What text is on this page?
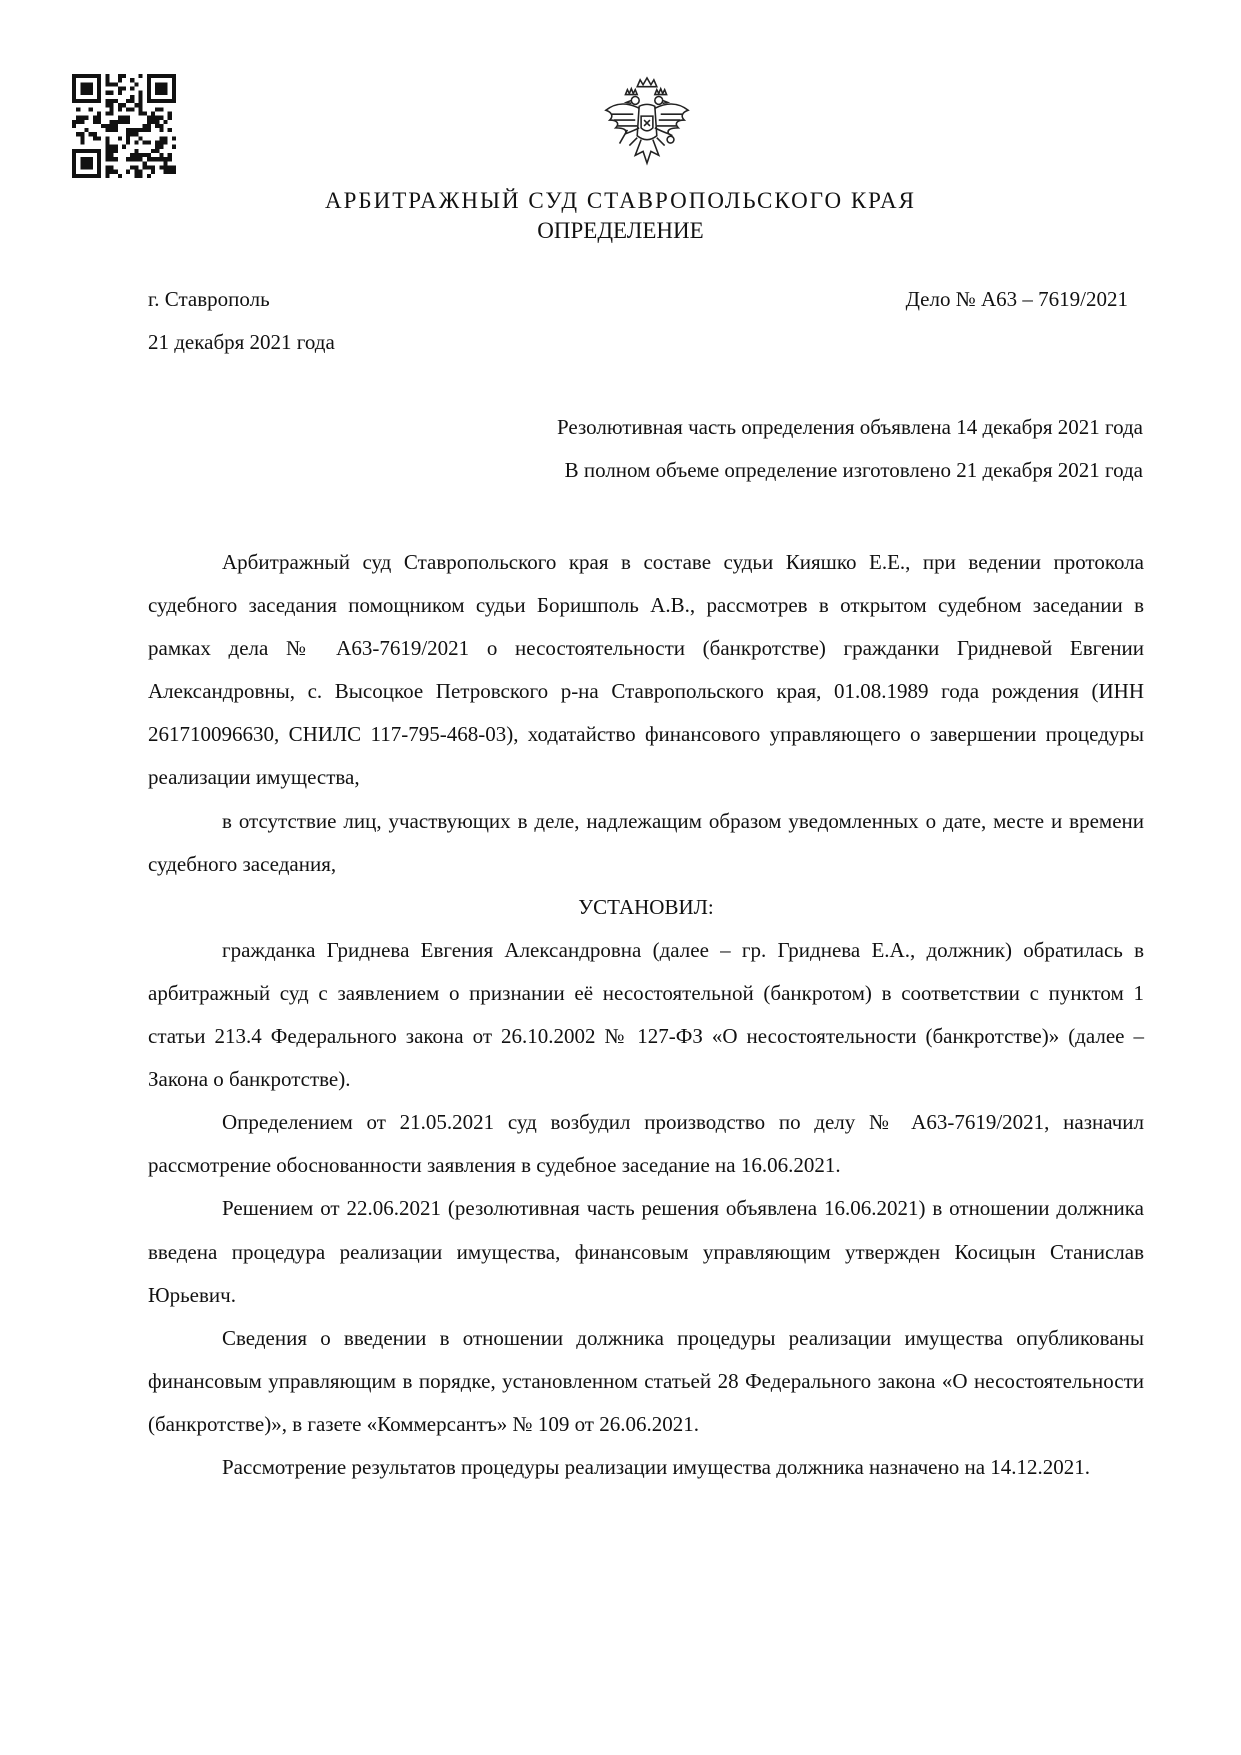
АРБИТРАЖНЫЙ СУД СТАВРОПОЛЬСКОГО КРАЯ
ОПРЕДЕЛЕНИЕ
г. Ставрополь	Дело № А63 – 7619/2021
21 декабря 2021 года
Резолютивная часть определения объявлена 14 декабря 2021 года
В полном объеме определение изготовлено 21 декабря 2021 года

Арбитражный суд Ставропольского края в составе судьи Кияшко Е.Е., при ведении протокола судебного заседания помощником судьи Боришполь А.В., рассмотрев в открытом судебном заседании в рамках дела № А63-7619/2021 о несостоятельности (банкротстве) гражданки Гридневой Евгении Александровны, с. Высоцкое Петровского р-на Ставропольского края, 01.08.1989 года рождения (ИНН 261710096630, СНИЛС 117-795-468-03), ходатайство финансового управляющего о завершении процедуры реализации имущества,

в отсутствие лиц, участвующих в деле, надлежащим образом уведомленных о дате, месте и времени судебного заседания,

УСТАНОВИЛ:

гражданка Гриднева Евгения Александровна (далее – гр. Гриднева Е.А., должник) обратилась в арбитражный суд с заявлением о признании её несостоятельной (банкротом) в соответствии с пунктом 1 статьи 213.4 Федерального закона от 26.10.2002 № 127-ФЗ «О несостоятельности (банкротстве)» (далее – Закона о банкротстве).

Определением от 21.05.2021 суд возбудил производство по делу № А63-7619/2021, назначил рассмотрение обоснованности заявления в судебное заседание на 16.06.2021.

Решением от 22.06.2021 (резолютивная часть решения объявлена 16.06.2021) в отношении должника введена процедура реализации имущества, финансовым управляющим утвержден Косицын Станислав Юрьевич.

Сведения о введении в отношении должника процедуры реализации имущества опубликованы финансовым управляющим в порядке, установленном статьей 28 Федерального закона «О несостоятельности (банкротстве)», в газете «Коммерсантъ» № 109 от 26.06.2021.

Рассмотрение результатов процедуры реализации имущества должника назначено на 14.12.2021.
